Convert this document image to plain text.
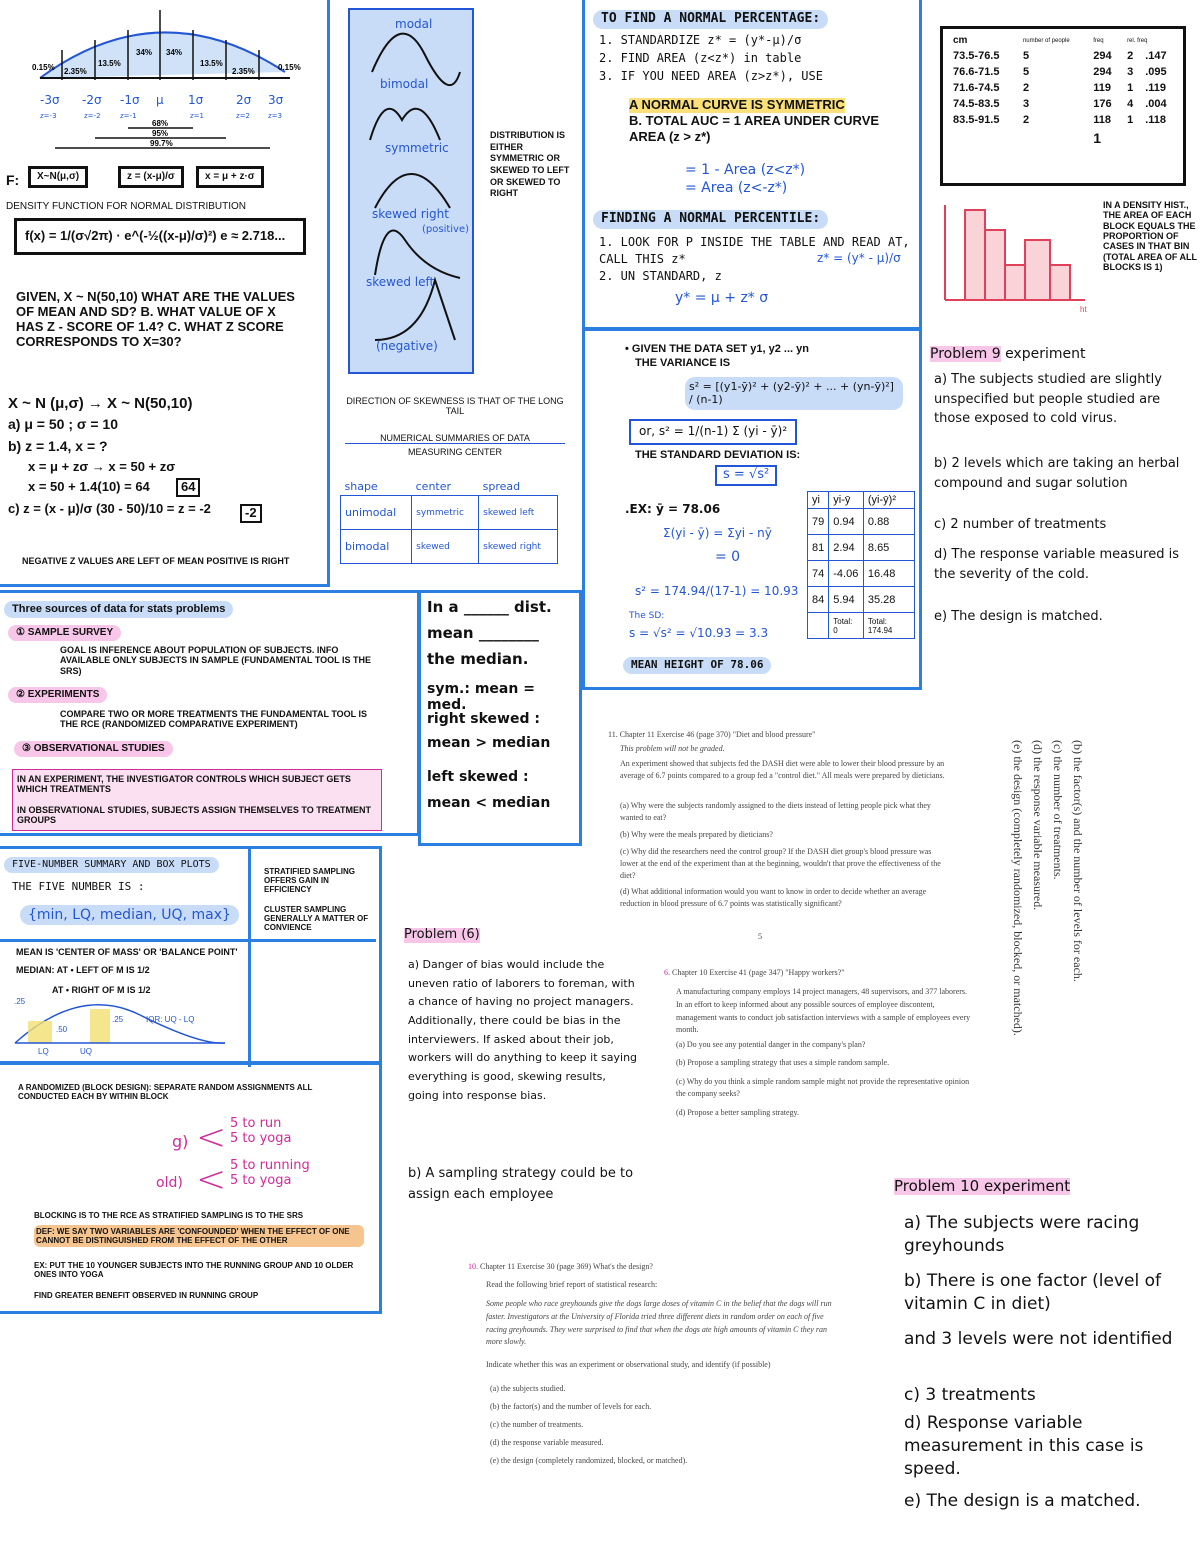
0.15% 2.35%
13.5%
34% 34%
13.5%
2.35%	0.15%
-3σ -2σ -1σ μ 1σ	2σ 3σ
z=-3	z=-2	z=-1	z=1	z=2	z=3
68%
95%
99.7%
F:	X~N(μ,σ)	z = (x-μ)/σ	x = μ + z·σ
DENSITY FUNCTION FOR NORMAL DISTRIBUTION
f(x) = 1/(σ√2π) · e^(-½((x-μ)/σ)²) e ≈ 2.718...
GIVEN, X ~ N(50,10) WHAT ARE THE VALUES OF MEAN AND SD? B. WHAT VALUE OF X HAS Z - SCORE OF 1.4? C. WHAT Z SCORE CORRESPONDS TO X=30?
X ~ N (μ,σ) → X ~ N(50,10)
a) μ = 50 ; σ = 10
b) z = 1.4, x = ?
x = μ + zσ → x = 50 + zσ
x = 50 + 1.4(10) = 64	64
c) z = (x - μ)/σ (30 - 50)/10 = z = -2	-2
NEGATIVE Z VALUES ARE LEFT OF MEAN POSITIVE IS RIGHT
modal
bimodal
symmetric
skewed right
(positive)
skewed left
(negative)
DISTRIBUTION IS EITHER SYMMETRIC OR SKEWED TO LEFT OR SKEWED TO RIGHT
DIRECTION OF SKEWNESS IS THAT OF THE LONG TAIL
NUMERICAL SUMMARIES OF DATA
MEASURING CENTER
shape	center	spread
unimodal	symmetric	skewed left
bimodal	skewed	skewed right
TO FIND A NORMAL PERCENTAGE:
1. STANDARDIZE z* = (y*-μ)/σ
2. FIND AREA (z<z*) in table
3. IF YOU NEED AREA (z>z*), USE
A NORMAL CURVE IS SYMMETRIC
B. TOTAL AUC = 1 AREA UNDER CURVE
AREA (z > z*)
= 1 - Area (z<z*)
= Area (z<-z*)
FINDING A NORMAL PERCENTILE:
1. LOOK FOR P INSIDE THE TABLE AND READ AT, CALL THIS z*	z* = (y* - μ)/σ
2. UN STANDARD, z
y* = μ + z* σ
cm	number of people	freq	rel. freq	
73.5-76.5	5	294	2	.147
76.6-71.5	5	294	3	.095
71.6-74.5	2	119	1	.119
74.5-83.5	3	176	4	.004
83.5-91.5	2	118	1	.118
		1		
ht
IN A DENSITY HIST., THE AREA OF EACH BLOCK EQUALS THE PROPORTION OF CASES IN THAT BIN (TOTAL AREA OF ALL BLOCKS IS 1)
• GIVEN THE DATA SET y1, y2 ... yn
THE VARIANCE IS
s² = [(y1-ȳ)² + (y2-ȳ)² + ... + (yn-ȳ)²] / (n-1)
or, s² = 1/(n-1) Σ (yi - ȳ)²
THE STANDARD DEVIATION IS:
s = √s²
.EX: ȳ = 78.06
Σ(yi - ȳ) = Σyi - nȳ
= 0
s² = 174.94/(17-1) = 10.93
The SD:
s = √s² = √10.93 = 3.3
MEAN HEIGHT OF 78.06
yi	yi-ȳ	(yi-ȳ)²
79	0.94	0.88
81	2.94	8.65
74	-4.06	16.48
84	5.94	35.28
	Total: 0	Total: 174.94
Problem 9 experiment
a) The subjects studied are slightly unspecified but people studied are those exposed to cold virus.
b) 2 levels which are taking an herbal compound and sugar solution
c) 2 number of treatments
d) The response variable measured is the severity of the cold.
e) The design is matched.
Three sources of data for stats problems
① SAMPLE SURVEY
GOAL IS INFERENCE ABOUT POPULATION OF SUBJECTS. INFO AVAILABLE ONLY SUBJECTS IN SAMPLE (FUNDAMENTAL TOOL IS THE SRS)
② EXPERIMENTS
COMPARE TWO OR MORE TREATMENTS THE FUNDAMENTAL TOOL IS THE RCE (RANDOMIZED COMPARATIVE EXPERIMENT)
③ OBSERVATIONAL STUDIES
IN AN EXPERIMENT, THE INVESTIGATOR CONTROLS WHICH SUBJECT GETS WHICH TREATMENTS

IN OBSERVATIONAL STUDIES, SUBJECTS ASSIGN THEMSELVES TO TREATMENT GROUPS
In a ______ dist.
mean ________
the median.
sym.: mean = med.
right skewed :
mean > median
left skewed :
mean < median
11. Chapter 11 Exercise 46 (page 370) "Diet and blood pressure"
This problem will not be graded.
An experiment showed that subjects fed the DASH diet were able to lower their blood pressure by an average of 6.7 points compared to a group fed a "control diet." All meals were prepared by dieticians.
(a) Why were the subjects randomly assigned to the diets instead of letting people pick what they wanted to eat?
(b) Why were the meals prepared by dieticians?
(c) Why did the researchers need the control group? If the DASH diet group's blood pressure was lower at the end of the experiment than at the beginning, wouldn't that prove the effectiveness of the diet?
(d) What additional information would you want to know in order to decide whether an average reduction in blood pressure of 6.7 points was statistically significant?
5	(b) the factor(s) and the number of levels for each.
(c) the number of treatments.
(d) the response variable measured.
(e) the design (completely randomized, blocked, or matched).
FIVE-NUMBER SUMMARY AND BOX PLOTS
THE FIVE NUMBER IS :
{min, LQ, median, UQ, max}
STRATIFIED SAMPLING OFFERS GAIN IN EFFICIENCY
CLUSTER SAMPLING GENERALLY A MATTER OF CONVIENCE
MEAN IS 'CENTER OF MASS' OR 'BALANCE POINT'
MEDIAN: AT • LEFT OF M IS 1/2
AT • RIGHT OF M IS 1/2
.25
.50
.25
LQ	UQ
IQR: UQ - LQ
A RANDOMIZED (BLOCK DESIGN): SEPARATE RANDOM ASSIGNMENTS ALL CONDUCTED EACH BY WITHIN BLOCK
g) < 5 to run
5 to yoga
old) < 5 to running
5 to yoga
BLOCKING IS TO THE RCE AS STRATIFIED SAMPLING IS TO THE SRS
DEF: WE SAY TWO VARIABLES ARE 'CONFOUNDED' WHEN THE EFFECT OF ONE CANNOT BE DISTINGUISHED FROM THE EFFECT OF THE OTHER
EX: PUT THE 10 YOUNGER SUBJECTS INTO THE RUNNING GROUP AND 10 OLDER ONES INTO YOGA
FIND GREATER BENEFIT OBSERVED IN RUNNING GROUP
Problem (6)
a) Danger of bias would include the uneven ratio of laborers to foreman, with a chance of having no project managers. Additionally, there could be bias in the interviewers. If asked about their job, workers will do anything to keep it saying everything is good, skewing results, going into response bias.
b) A sampling strategy could be to assign each employee
6. Chapter 10 Exercise 41 (page 347) "Happy workers?"
A manufacturing company employs 14 project managers, 48 supervisors, and 377 laborers. In an effort to keep informed about any possible sources of employee discontent, management wants to conduct job satisfaction interviews with a sample of employees every month.
(a) Do you see any potential danger in the company's plan?
(b) Propose a sampling strategy that uses a simple random sample.
(c) Why do you think a simple random sample might not provide the representative opinion the company seeks?
(d) Propose a better sampling strategy.
10. Chapter 11 Exercise 30 (page 369) What's the design?
Read the following brief report of statistical research:
Some people who race greyhounds give the dogs large doses of vitamin C in the belief that the dogs will run faster. Investigators at the University of Florida tried three different diets in random order on each of five racing greyhounds. They were surprised to find that when the dogs ate high amounts of vitamin C they ran more slowly.
Indicate whether this was an experiment or observational study, and identify (if possible)
(a) the subjects studied.
(b) the factor(s) and the number of levels for each.
(c) the number of treatments.
(d) the response variable measured.
(e) the design (completely randomized, blocked, or matched).
Problem 10 experiment
a) The subjects were racing greyhounds
b) There is one factor (level of vitamin C in diet)
and 3 levels were not identified
c) 3 treatments
d) Response variable measurement in this case is speed.
e) The design is a matched.
